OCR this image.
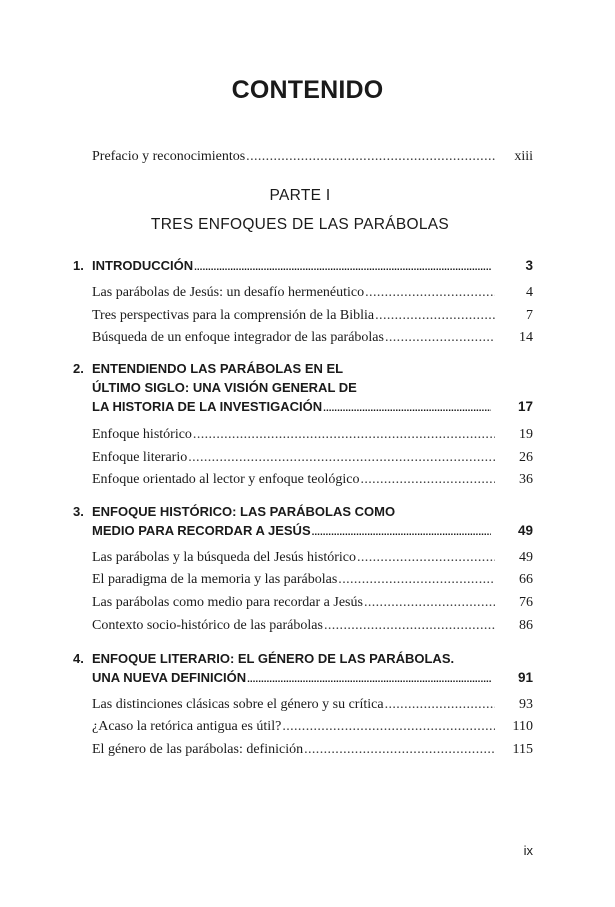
CONTENIDO
Prefacio y reconocimientos .....	xiii
PARTE I
TRES ENFOQUES DE LAS PARÁBOLAS
1. INTRODUCCIÓN .....	3
Las parábolas de Jesús: un desafío hermenéutico .....	4
Tres perspectivas para la comprensión de la Biblia .....	7
Búsqueda de un enfoque integrador de las parábolas .....	14
2. ENTENDIENDO LAS PARÁBOLAS EN EL
ÚLTIMO SIGLO: UNA VISIÓN GENERAL DE
LA HISTORIA DE LA INVESTIGACIÓN .....	17
Enfoque histórico .....	19
Enfoque literario .....	26
Enfoque orientado al lector y enfoque teológico .....	36
3. ENFOQUE HISTÓRICO: LAS PARÁBOLAS COMO
MEDIO PARA RECORDAR A JESÚS .....	49
Las parábolas y la búsqueda del Jesús histórico .....	49
El paradigma de la memoria y las parábolas .....	66
Las parábolas como medio para recordar a Jesús .....	76
Contexto socio-histórico de las parábolas .....	86
4. ENFOQUE LITERARIO: EL GÉNERO DE LAS PARÁBOLAS.
UNA NUEVA DEFINICIÓN .....	91
Las distinciones clásicas sobre el género y su crítica .....	93
¿Acaso la retórica antigua es útil? .....	110
El género de las parábolas: definición .....	115
ix
